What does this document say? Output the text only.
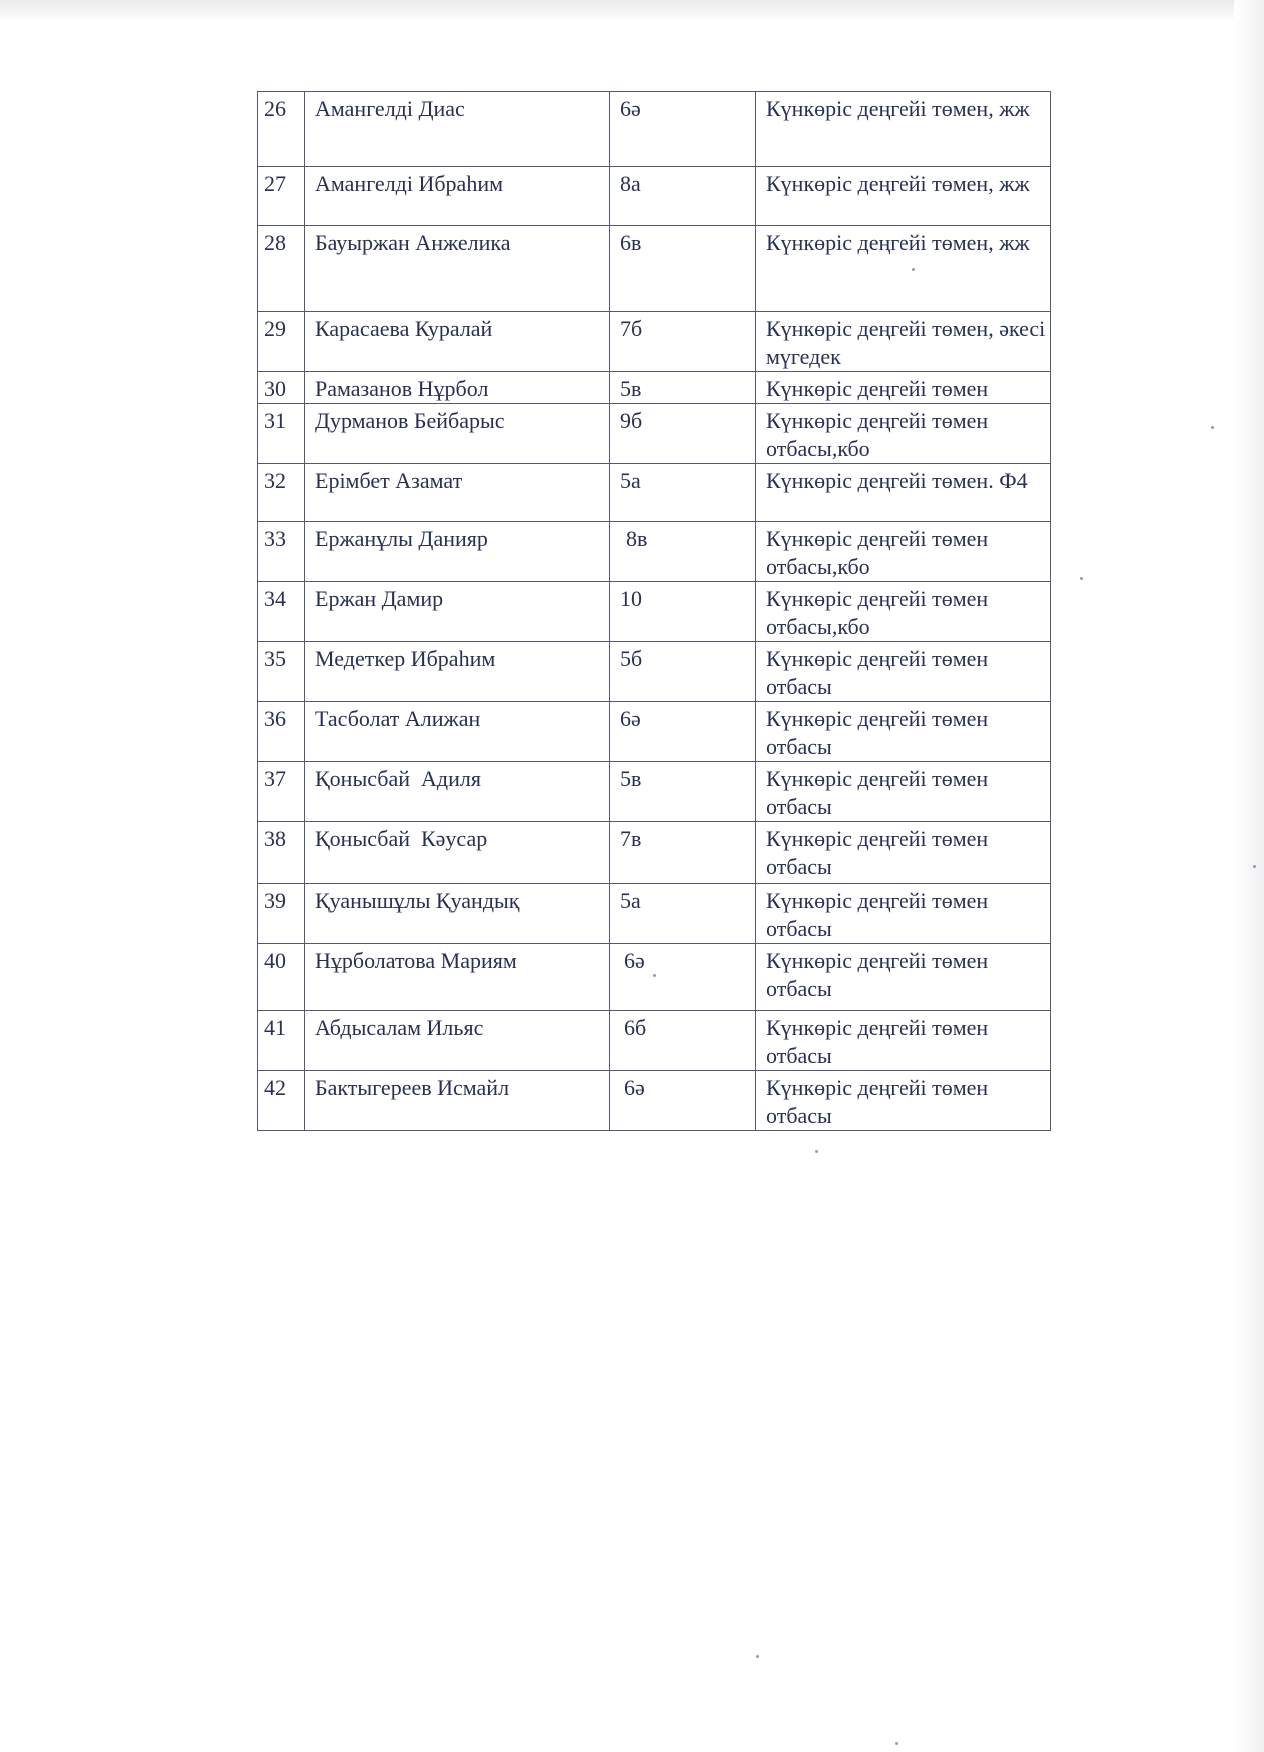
26	Амангелді Диас	6ә	Күнкөріс деңгейі төмен, жж
27	Амангелді Ибраһим	8а	Күнкөріс деңгейі төмен, жж
28	Бауыржан Анжелика	6в	Күнкөріс деңгейі төмен, жж
29	Карасаева Куралай	7б	Күнкөріс деңгейі төмен, әкесі мүгедек
30	Рамазанов Нұрбол	5в	Күнкөріс деңгейі төмен
31	Дурманов Бейбарыс	9б	Күнкөріс деңгейі төмен отбасы,кбо
32	Ерімбет Азамат	5а	Күнкөріс деңгейі төмен. Ф4
33	Ержанұлы Данияр	8в	Күнкөріс деңгейі төмен отбасы,кбо
34	Ержан Дамир	10	Күнкөріс деңгейі төмен отбасы,кбо
35	Медеткер Ибраһим	5б	Күнкөріс деңгейі төмен отбасы
36	Тасболат Алижан	6ә	Күнкөріс деңгейі төмен отбасы
37	Қонысбай  Адиля	5в	Күнкөріс деңгейі төмен отбасы
38	Қонысбай  Кәусар	7в	Күнкөріс деңгейі төмен отбасы
39	Қуанышұлы Қуандық	5а	Күнкөріс деңгейі төмен отбасы
40	Нұрболатова Мариям	6ә	Күнкөріс деңгейі төмен отбасы
41	Абдысалам Ильяс	6б	Күнкөріс деңгейі төмен отбасы
42	Бактыгереев Исмайл	6ә	Күнкөріс деңгейі төмен отбасы
